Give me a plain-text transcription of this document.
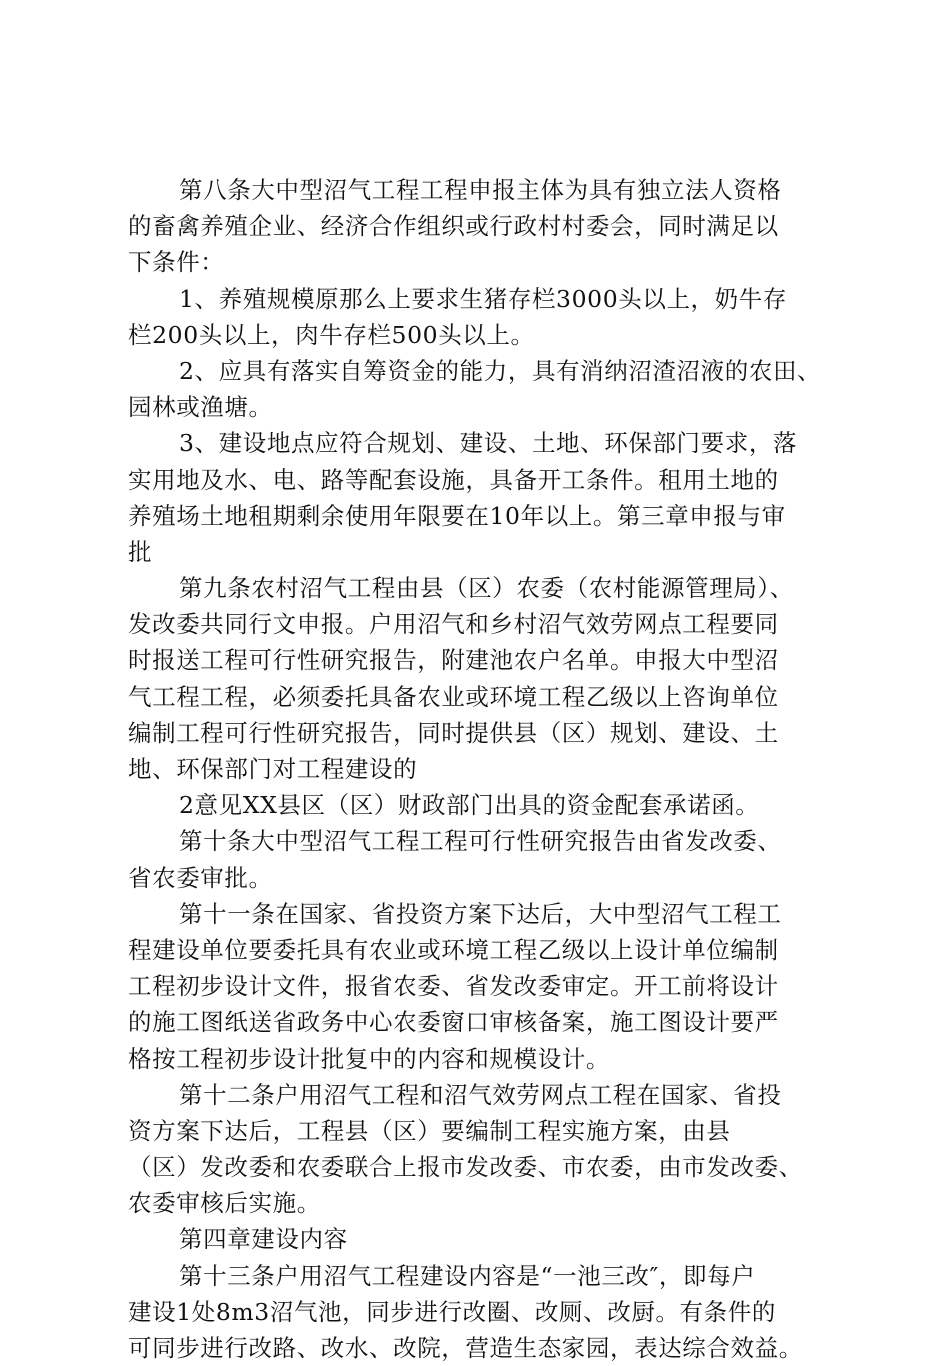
第八条大中型沼气工程工程申报主体为具有独立法人资格
的畜禽养殖企业、经济合作组织或行政村村委会，同时满足以
下条件：
1、养殖规模原那么上要求生猪存栏3000头以上，奶牛存
栏200头以上，肉牛存栏500头以上。
2、应具有落实自筹资金的能力，具有消纳沼渣沼液的农田、
园林或渔塘。
3、建设地点应符合规划、建设、土地、环保部门要求，落
实用地及水、电、路等配套设施，具备开工条件。租用土地的
养殖场土地租期剩余使用年限要在10年以上。第三章申报与审
批
第九条农村沼气工程由县（区）农委（农村能源管理局）、
发改委共同行文申报。户用沼气和乡村沼气效劳网点工程要同
时报送工程可行性研究报告，附建池农户名单。申报大中型沼
气工程工程，必须委托具备农业或环境工程乙级以上咨询单位
编制工程可行性研究报告，同时提供县（区）规划、建设、土
地、环保部门对工程建设的
2意见XX县区（区）财政部门出具的资金配套承诺函。
第十条大中型沼气工程工程可行性研究报告由省发改委、
省农委审批。
第十一条在国家、省投资方案下达后，大中型沼气工程工
程建设单位要委托具有农业或环境工程乙级以上设计单位编制
工程初步设计文件，报省农委、省发改委审定。开工前将设计
的施工图纸送省政务中心农委窗口审核备案，施工图设计要严
格按工程初步设计批复中的内容和规模设计。
第十二条户用沼气工程和沼气效劳网点工程在国家、省投
资方案下达后，工程县（区）要编制工程实施方案，由县
（区）发改委和农委联合上报市发改委、市农委，由市发改委、
农委审核后实施。
第四章建设内容
第十三条户用沼气工程建设内容是“一池三改″，即每户
建设1处8m3沼气池，同步进行改圈、改厕、改厨。有条件的
可同步进行改路、改水、改院，营造生态家园，表达综合效益。
